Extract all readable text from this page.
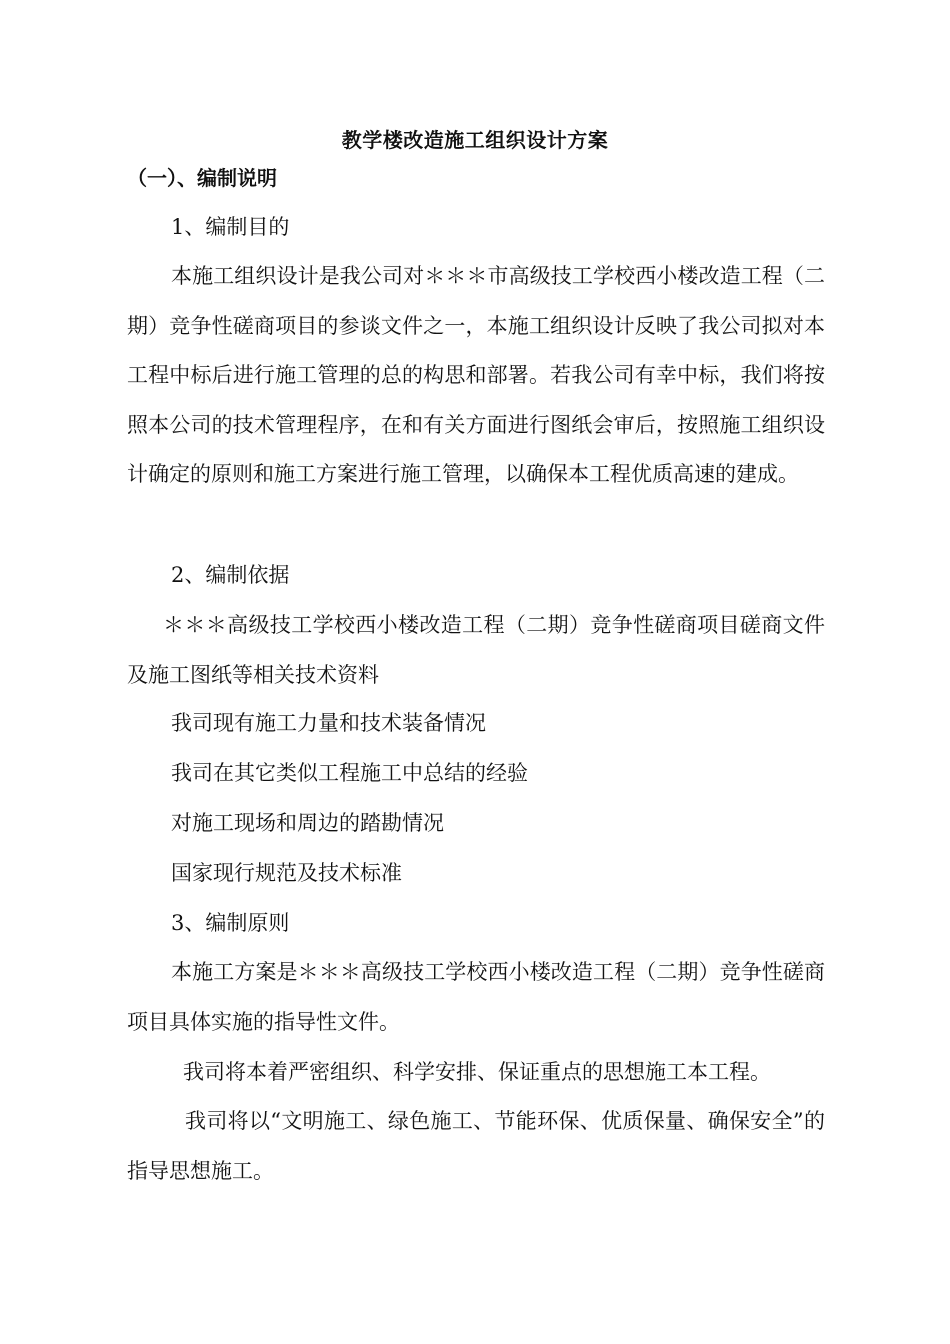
教学楼改造施工组织设计方案
（一）、编制说明
1、编制目的

本施工组织设计是我公司对＊＊＊市高级技工学校西小楼改造工程（二期）竞争性磋商项目的参谈文件之一，本施工组织设计反映了我公司拟对本工程中标后进行施工管理的总的构思和部署。若我公司有幸中标，我们将按照本公司的技术管理程序，在和有关方面进行图纸会审后，按照施工组织设计确定的原则和施工方案进行施工管理，以确保本工程优质高速的建成。

2、编制依据

＊＊＊高级技工学校西小楼改造工程（二期）竞争性磋商项目磋商文件及施工图纸等相关技术资料

我司现有施工力量和技术装备情况
我司在其它类似工程施工中总结的经验
对施工现场和周边的踏勘情况
国家现行规范及技术标准
3、编制原则

本施工方案是＊＊＊高级技工学校西小楼改造工程（二期）竞争性磋商项目具体实施的指导性文件。

我司将本着严密组织、科学安排、保证重点的思想施工本工程。

我司将以“文明施工、绿色施工、节能环保、优质保量、确保安全”的指导思想施工。
